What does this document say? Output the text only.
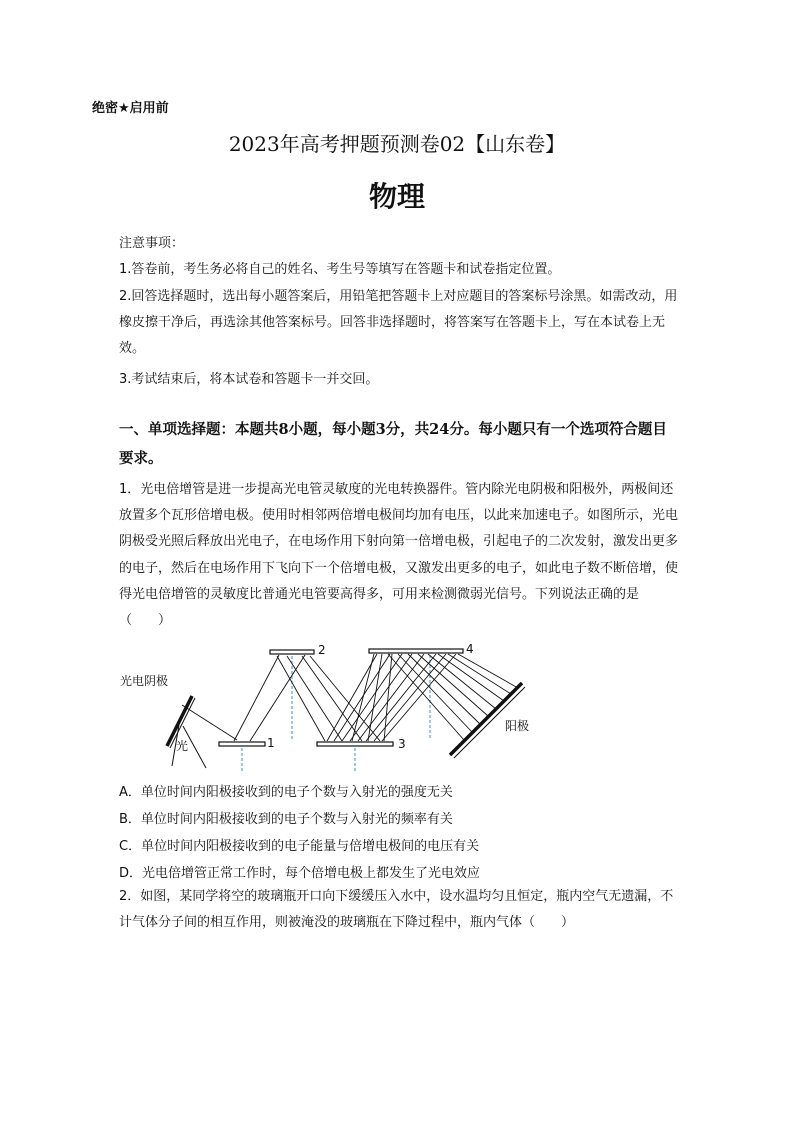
绝密★启用前
2023年高考押题预测卷02【山东卷】
物理
注意事项：
1.答卷前，考生务必将自己的姓名、考生号等填写在答题卡和试卷指定位置。
2.回答选择题时，选出每小题答案后，用铅笔把答题卡上对应题目的答案标号涂黑。如需改动，用橡皮擦干净后，再选涂其他答案标号。回答非选择题时，将答案写在答题卡上，写在本试卷上无效。
3.考试结束后，将本试卷和答题卡一并交回。
一、单项选择题：本题共8小题，每小题3分，共24分。每小题只有一个选项符合题目要求。
1．光电倍增管是进一步提高光电管灵敏度的光电转换器件。管内除光电阴极和阳极外，两极间还放置多个瓦形倍增电极。使用时相邻两倍增电极间均加有电压，以此来加速电子。如图所示，光电阴极受光照后释放出光电子，在电场作用下射向第一倍增电极，引起电子的二次发射，激发出更多的电子，然后在电场作用下飞向下一个倍增电极，又激发出更多的电子，如此电子数不断倍增，使得光电倍增管的灵敏度比普通光电管要高得多，可用来检测微弱光信号。下列说法正确的是（　　）
光电阴极
光	1
2
3
4
阳极
A．单位时间内阳极接收到的电子个数与入射光的强度无关
B．单位时间内阳极接收到的电子个数与入射光的频率有关
C．单位时间内阳极接收到的电子能量与倍增电极间的电压有关
D．光电倍增管正常工作时，每个倍增电极上都发生了光电效应
2．如图，某同学将空的玻璃瓶开口向下缓缓压入水中，设水温均匀且恒定，瓶内空气无遗漏，不计气体分子间的相互作用，则被淹没的玻璃瓶在下降过程中，瓶内气体（　　）
